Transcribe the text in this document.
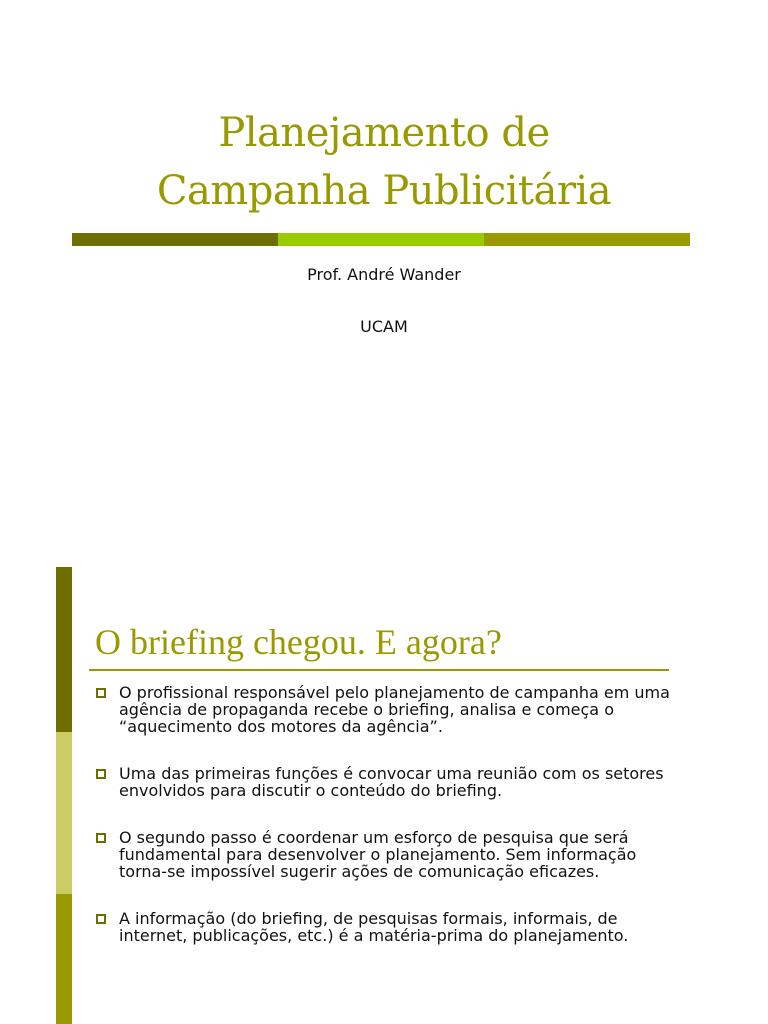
Planejamento de
Campanha Publicitária
Prof. André Wander
UCAM
O briefing chegou. E agora?
O profissional responsável pelo planejamento de campanha em uma agência de propaganda recebe o briefing, analisa e começa o “aquecimento dos motores da agência”.
Uma das primeiras funções é convocar uma reunião com os setores envolvidos para discutir o conteúdo do briefing.
O segundo passo é coordenar um esforço de pesquisa que será fundamental para desenvolver o planejamento. Sem informação torna-se impossível sugerir ações de comunicação eficazes.
A informação (do briefing, de pesquisas formais, informais, de internet, publicações, etc.) é a matéria-prima do planejamento.
